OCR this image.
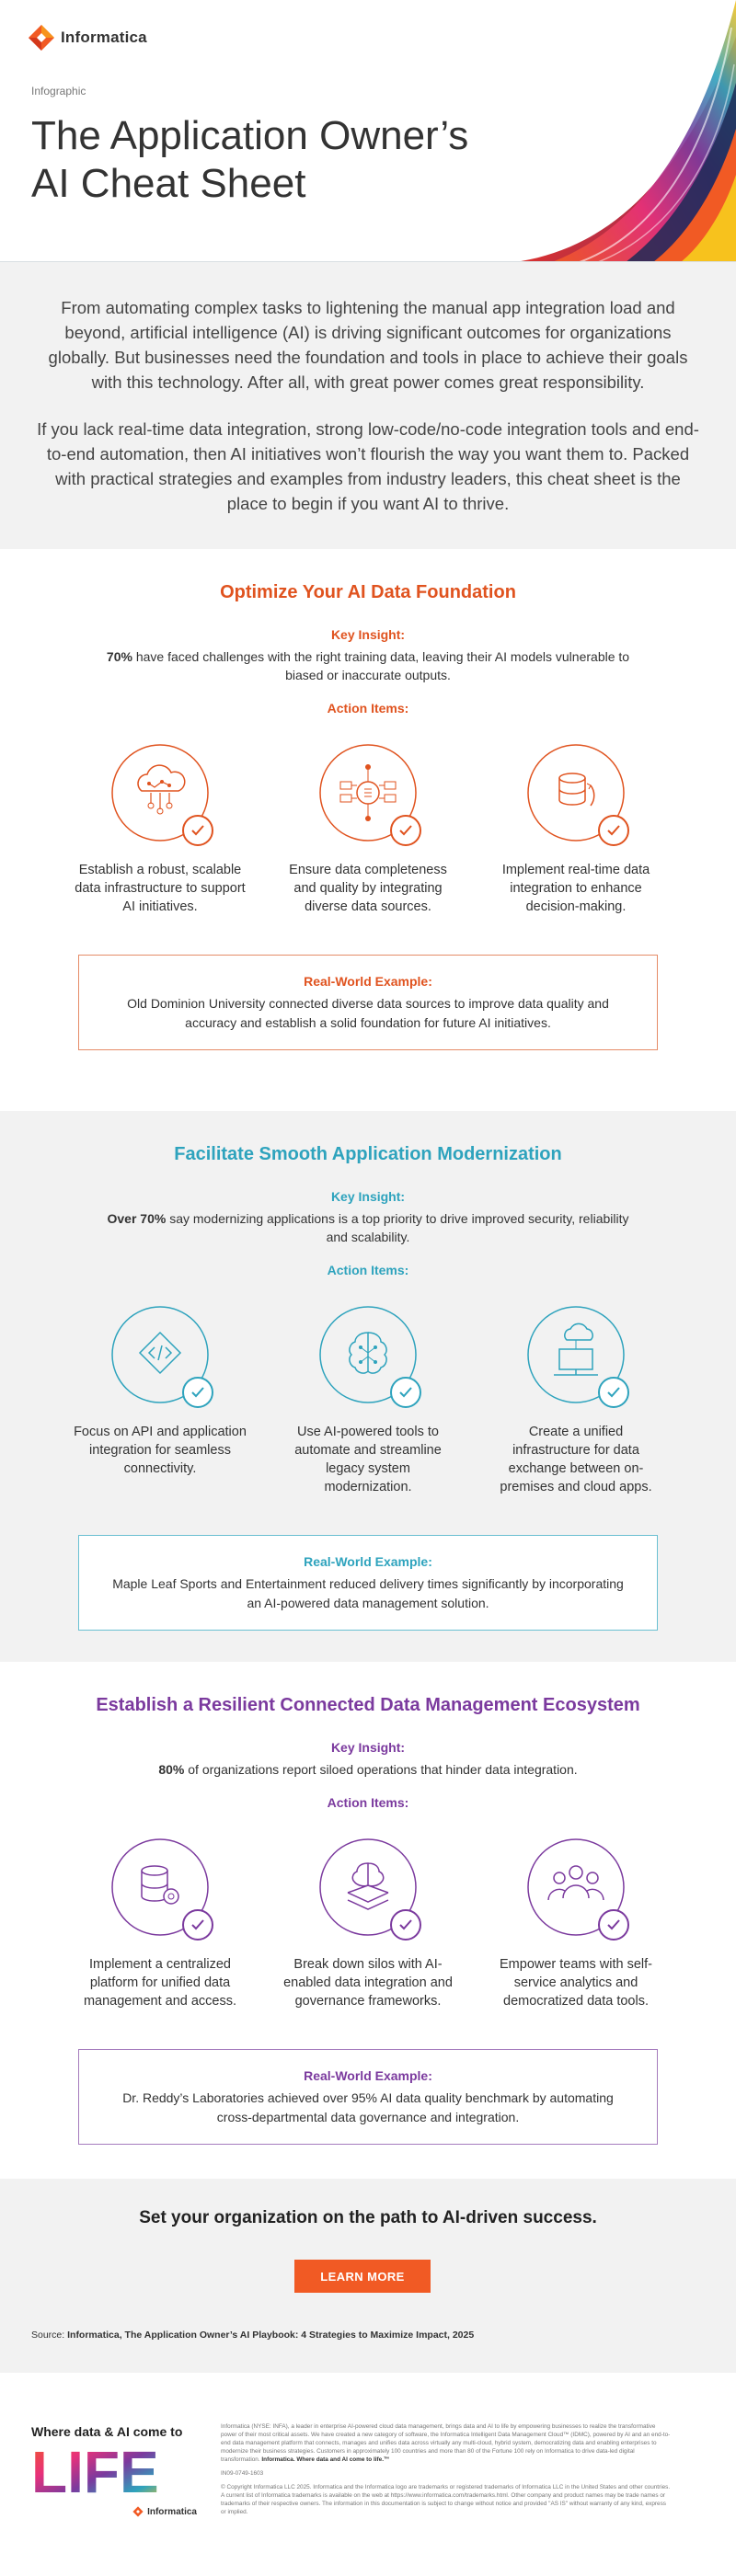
Informatica
Infographic
The Application Owner’s AI Cheat Sheet

From automating complex tasks to lightening the manual app integration load and beyond, artificial intelligence (AI) is driving significant outcomes for organizations globally. But businesses need the foundation and tools in place to achieve their goals with this technology. After all, with great power comes great responsibility.

If you lack real-time data integration, strong low-code/no-code integration tools and end-to-end automation, then AI initiatives won’t flourish the way you want them to. Packed with practical strategies and examples from industry leaders, this cheat sheet is the place to begin if you want AI to thrive.

Optimize Your AI Data Foundation
Key Insight:

70% have faced challenges with the right training data, leaving their AI models vulnerable to biased or inaccurate outputs.

Action Items:
Establish a robust, scalable data infrastructure to support AI initiatives.
Ensure data completeness and quality by integrating diverse data sources.
Implement real-time data integration to enhance decision-making.
Real-World Example:

Old Dominion University connected diverse data sources to improve data quality and accuracy and establish a solid foundation for future AI initiatives.

Facilitate Smooth Application Modernization
Key Insight:

Over 70% say modernizing applications is a top priority to drive improved security, reliability and scalability.

Action Items:
Focus on API and application integration for seamless connectivity.
Use AI-powered tools to automate and streamline legacy system modernization.
Create a unified infrastructure for data exchange between on-premises and cloud apps.
Real-World Example:

Maple Leaf Sports and Entertainment reduced delivery times significantly by incorporating an AI-powered data management solution.

Establish a Resilient Connected Data Management Ecosystem
Key Insight:

80% of organizations report siloed operations that hinder data integration.

Action Items:
Implement a centralized platform for unified data management and access.
Break down silos with AI-enabled data integration and governance frameworks.
Empower teams with self-service analytics and democratized data tools.
Real-World Example:

Dr. Reddy’s Laboratories achieved over 95% AI data quality benchmark by automating cross-departmental data governance and integration.

Set your organization on the path to AI-driven success.
LEARN MORE
Source: Informatica, The Application Owner’s AI Playbook: 4 Strategies to Maximize Impact, 2025
Where data & AI come to
LIFE
Informatica

Informatica (NYSE: INFA), a leader in enterprise AI-powered cloud data management, brings data and AI to life by empowering businesses to realize the transformative power of their most critical assets. We have created a new category of software, the Informatica Intelligent Data Management Cloud™ (IDMC), powered by AI and an end-to-end data management platform that connects, manages and unifies data across virtually any multi-cloud, hybrid system, democratizing data and enabling enterprises to modernize their business strategies. Customers in approximately 100 countries and more than 80 of the Fortune 100 rely on Informatica to drive data-led digital transformation. Informatica. Where data and AI come to life.™

IN09-0749-1603

© Copyright Informatica LLC 2025. Informatica and the Informatica logo are trademarks or registered trademarks of Informatica LLC in the United States and other countries. A current list of Informatica trademarks is available on the web at https://www.informatica.com/trademarks.html. Other company and product names may be trade names or trademarks of their respective owners. The information in this documentation is subject to change without notice and provided "AS IS" without warranty of any kind, express or implied.
